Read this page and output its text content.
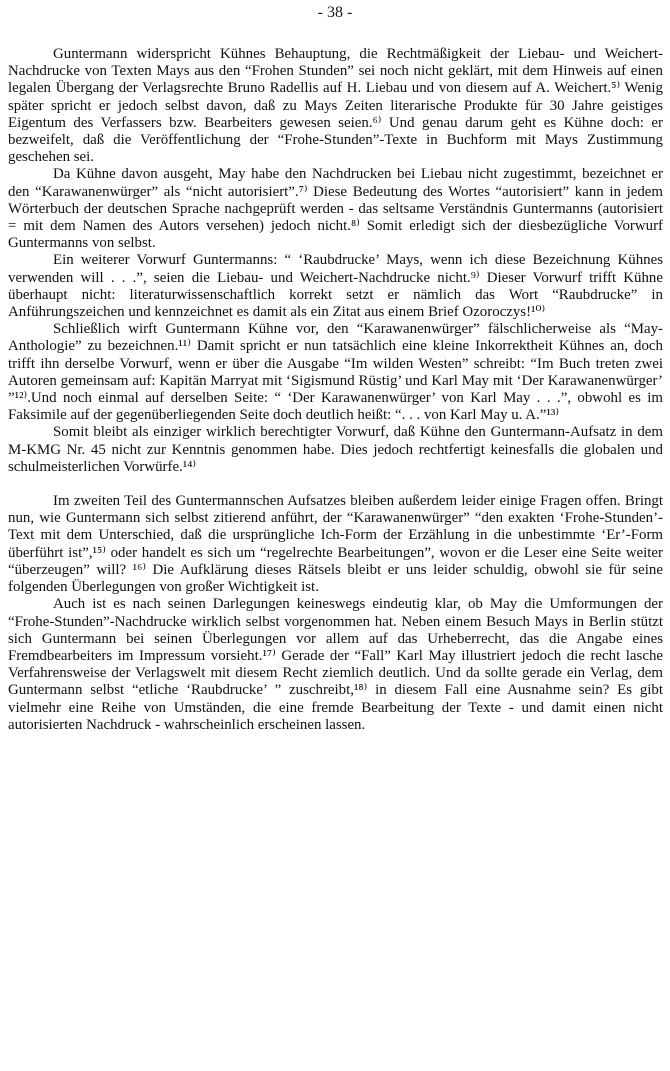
- 38 -

Guntermann widerspricht Kühnes Behauptung, die Rechtmäßigkeit der Liebau- und Weichert-Nachdrucke von Texten Mays aus den “Frohen Stunden” sei noch nicht geklärt, mit dem Hinweis auf einen legalen Übergang der Verlagsrechte Bruno Radellis auf H. Liebau und von diesem auf A. Weichert.⁵⁾ Wenig später spricht er jedoch selbst davon, daß zu Mays Zeiten literarische Produkte für 30 Jahre geistiges Eigentum des Verfassers bzw. Bearbeiters gewesen seien.⁶⁾ Und genau darum geht es Kühne doch: er bezweifelt, daß die Veröffentlichung der “Frohe-Stunden”-Texte in Buchform mit Mays Zustimmung geschehen sei.

Da Kühne davon ausgeht, May habe den Nachdrucken bei Liebau nicht zugestimmt, bezeichnet er den “Karawanenwürger” als “nicht autorisiert”.⁷⁾ Diese Bedeutung des Wortes “autorisiert” kann in jedem Wörterbuch der deutschen Sprache nachgeprüft werden - das seltsame Verständnis Guntermanns (autorisiert = mit dem Namen des Autors versehen) jedoch nicht.⁸⁾ Somit erledigt sich der diesbezügliche Vorwurf Guntermanns von selbst.

Ein weiterer Vorwurf Guntermanns: “ ‘Raubdrucke’ Mays, wenn ich diese Bezeichnung Kühnes verwenden will . . .”, seien die Liebau- und Weichert-Nachdrucke nicht.⁹⁾ Dieser Vorwurf trifft Kühne überhaupt nicht: literaturwissenschaftlich korrekt setzt er nämlich das Wort “Raubdrucke” in Anführungszeichen und kennzeichnet es damit als ein Zitat aus einem Brief Ozoroczys!¹⁰⁾

Schließlich wirft Guntermann Kühne vor, den “Karawanenwürger” fälschlicherweise als “May-Anthologie” zu bezeichnen.¹¹⁾ Damit spricht er nun tatsächlich eine kleine Inkorrektheit Kühnes an, doch trifft ihn derselbe Vorwurf, wenn er über die Ausgabe “Im wilden Westen” schreibt: “Im Buch treten zwei Autoren gemeinsam auf: Kapitän Marryat mit ‘Sigismund Rüstig’ und Karl May mit ‘Der Karawanenwürger’ ”¹²⁾.Und noch einmal auf derselben Seite: “ ‘Der Karawanenwürger’ von Karl May . . .”, obwohl es im Faksimile auf der gegenüberliegenden Seite doch deutlich heißt: “. . . von Karl May u. A.”¹³⁾

Somit bleibt als einziger wirklich berechtigter Vorwurf, daß Kühne den Guntermann-Aufsatz in dem M-KMG Nr. 45 nicht zur Kenntnis genommen habe. Dies jedoch rechtfertigt keinesfalls die globalen und schulmeisterlichen Vorwürfe.¹⁴⁾

Im zweiten Teil des Guntermannschen Aufsatzes bleiben außerdem leider einige Fragen offen. Bringt nun, wie Guntermann sich selbst zitierend anführt, der “Karawanenwürger” “den exakten ‘Frohe-Stunden’-Text mit dem Unterschied, daß die ursprüngliche Ich-Form der Erzählung in die unbestimmte ‘Er’-Form überführt ist”,¹⁵⁾ oder handelt es sich um “regelrechte Bearbeitungen”, wovon er die Leser eine Seite weiter “überzeugen” will? ¹⁶⁾ Die Aufklärung dieses Rätsels bleibt er uns leider schuldig, obwohl sie für seine folgenden Überlegungen von großer Wichtigkeit ist.

Auch ist es nach seinen Darlegungen keineswegs eindeutig klar, ob May die Umformungen der “Frohe-Stunden”-Nachdrucke wirklich selbst vorgenommen hat. Neben einem Besuch Mays in Berlin stützt sich Guntermann bei seinen Überlegungen vor allem auf das Urheberrecht, das die Angabe eines Fremdbearbeiters im Impressum vorsieht.¹⁷⁾ Gerade der “Fall” Karl May illustriert jedoch die recht lasche Verfahrensweise der Verlagswelt mit diesem Recht ziemlich deutlich. Und da sollte gerade ein Verlag, dem Guntermann selbst “etliche ‘Raubdrucke’ ” zuschreibt,¹⁸⁾ in diesem Fall eine Ausnahme sein? Es gibt vielmehr eine Reihe von Umständen, die eine fremde Bearbeitung der Texte - und damit einen nicht autorisierten Nachdruck - wahrscheinlich erscheinen lassen.
